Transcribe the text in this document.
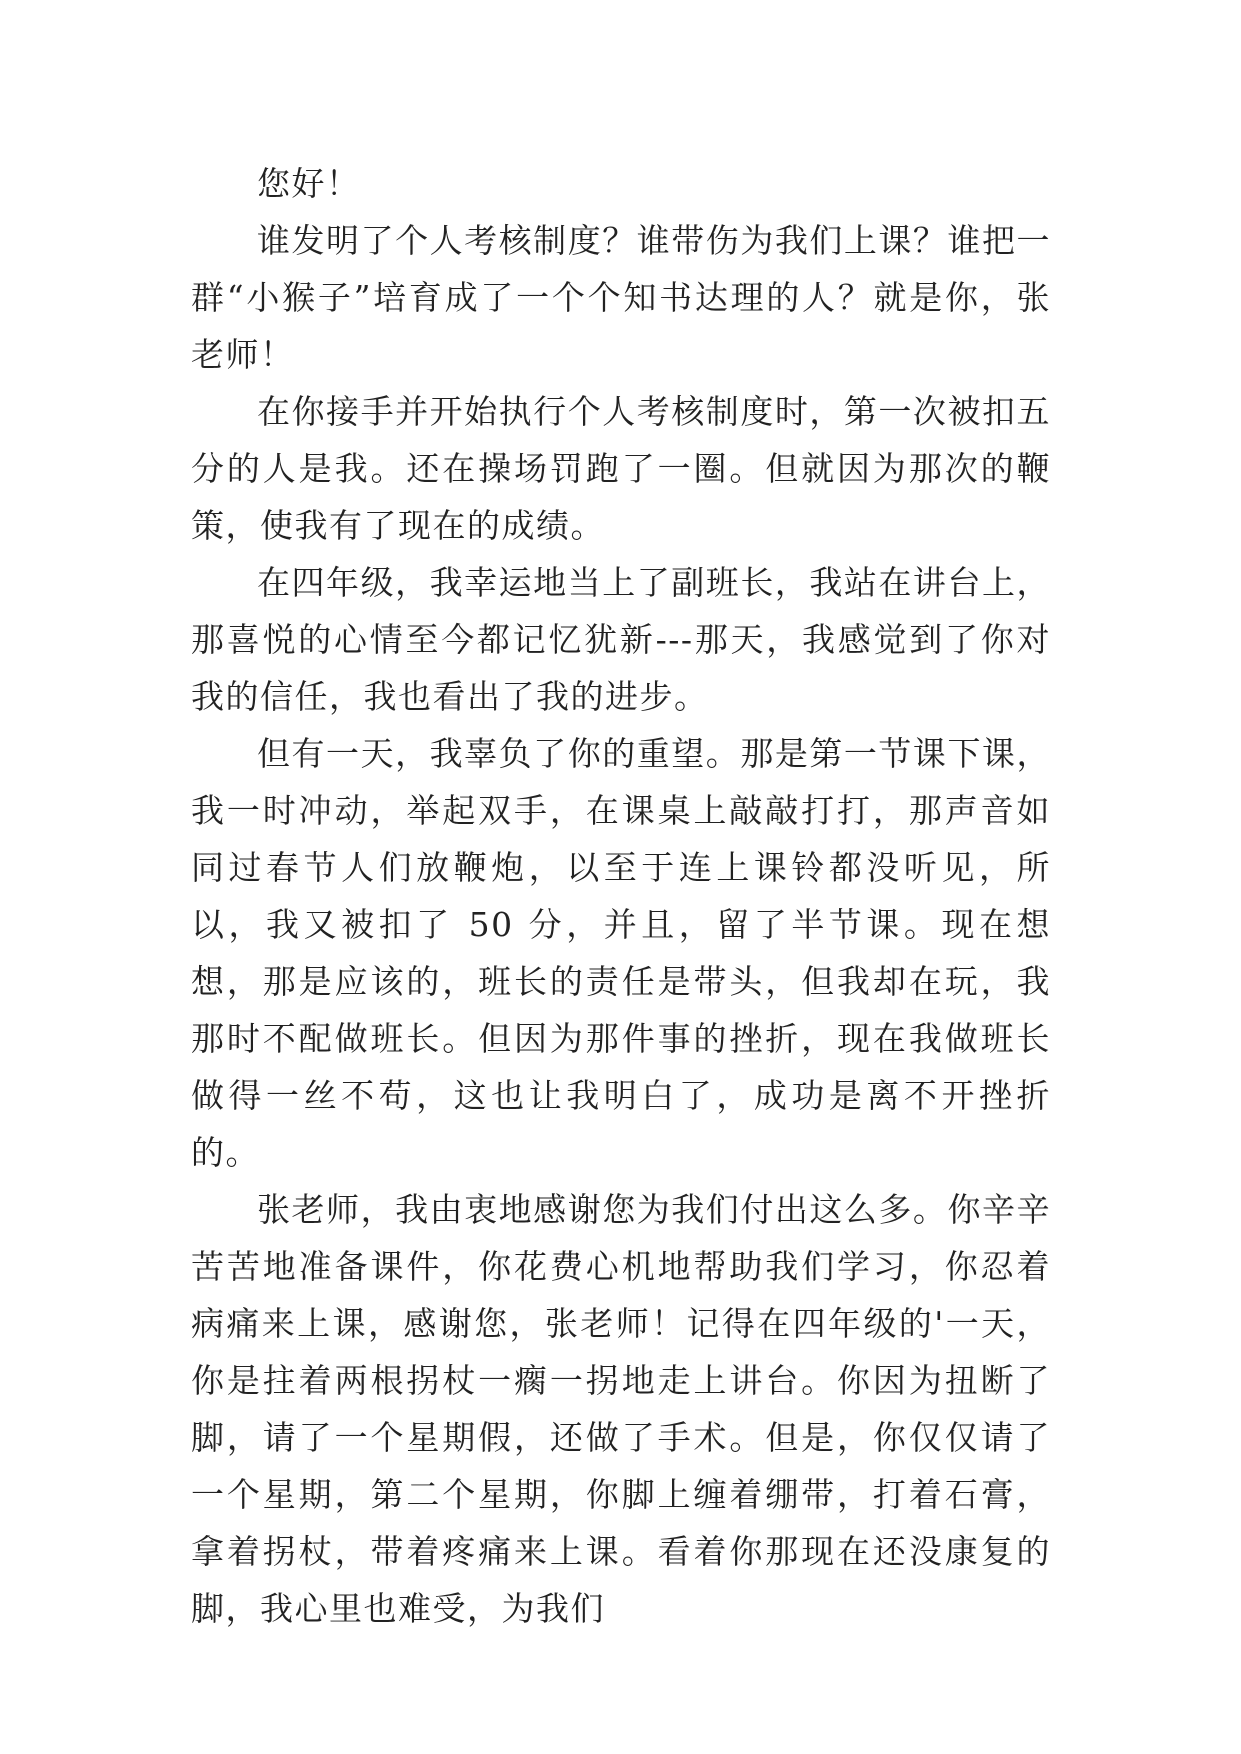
您好！

谁发明了个人考核制度？谁带伤为我们上课？谁把一群“小猴子”培育成了一个个知书达理的人？就是你，张老师！

在你接手并开始执行个人考核制度时，第一次被扣五分的人是我。还在操场罚跑了一圈。但就因为那次的鞭策，使我有了现在的成绩。

在四年级，我幸运地当上了副班长，我站在讲台上，那喜悦的心情至今都记忆犹新---那天，我感觉到了你对我的信任，我也看出了我的进步。

但有一天，我辜负了你的重望。那是第一节课下课，我一时冲动，举起双手，在课桌上敲敲打打，那声音如同过春节人们放鞭炮，以至于连上课铃都没听见，所以，我又被扣了 50 分，并且，留了半节课。现在想想，那是应该的，班长的责任是带头，但我却在玩，我那时不配做班长。但因为那件事的挫折，现在我做班长做得一丝不苟，这也让我明白了，成功是离不开挫折的。

张老师，我由衷地感谢您为我们付出这么多。你辛辛苦苦地准备课件，你花费心机地帮助我们学习，你忍着病痛来上课，感谢您，张老师！记得在四年级的'一天，你是拄着两根拐杖一瘸一拐地走上讲台。你因为扭断了脚，请了一个星期假，还做了手术。但是，你仅仅请了一个星期，第二个星期，你脚上缠着绷带，打着石膏，拿着拐杖，带着疼痛来上课。看着你那现在还没康复的脚，我心里也难受，为我们
